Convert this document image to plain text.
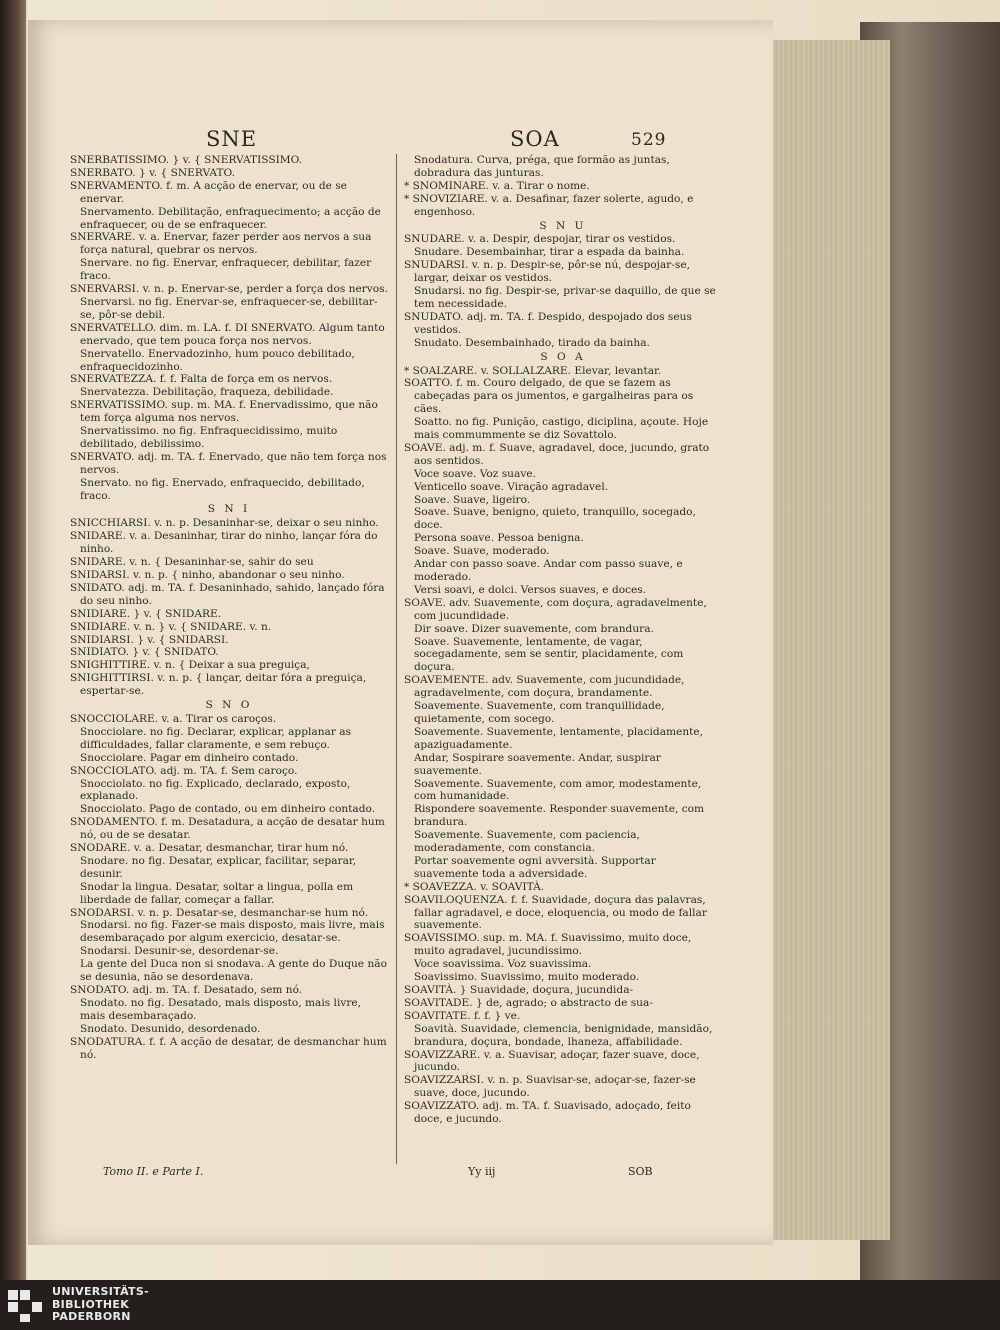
SNE	SOA	529

SNERBATISSIMO. } v. { SNERVATISSIMO.

SNERBATO. } v. { SNERVATO.

SNERVAMENTO. f. m. A acção de enervar, ou de se enervar.

Snervamento. Debilitação, enfraquecimento; a acção de enfraquecer, ou de se enfraquecer.

SNERVARE. v. a. Enervar, fazer perder aos nervos a sua força natural, quebrar os nervos.

Snervare. no fig. Enervar, enfraquecer, debilitar, fazer fraco.

SNERVARSI. v. n. p. Enervar-se, perder a força dos nervos.

Snervarsi. no fig. Enervar-se, enfraquecer-se, debilitar-se, pôr-se debil.

SNERVATELLO. dim. m. LA. f. DI SNERVATO. Algum tanto enervado, que tem pouca força nos nervos.

Snervatello. Enervadozinho, hum pouco debilitado, enfraquecidozinho.

SNERVATEZZA. f. f. Falta de força em os nervos.

Snervatezza. Debilitação, fraqueza, debilidade.

SNERVATISSIMO. sup. m. MA. f. Enervadissimo, que não tem força alguma nos nervos.

Snervatissimo. no fig. Enfraquecidissimo, muito debilitado, debilissimo.

SNERVATO. adj. m. TA. f. Enervado, que não tem força nos nervos.

Snervato. no fig. Enervado, enfraquecido, debilitado, fraco.

S N I

SNICCHIARSI. v. n. p. Desaninhar-se, deixar o seu ninho.

SNIDARE. v. a. Desaninhar, tirar do ninho, lançar fóra do ninho.

SNIDARE. v. n. { Desaninhar-se, sahir do seu

SNIDARSI. v. n. p. { ninho, abandonar o seu ninho.

SNIDATO. adj. m. TA. f. Desaninhado, sahido, lançado fóra do seu ninho.

SNIDIARE. } v. { SNIDARE.

SNIDIARE. v. n. } v. { SNIDARE. v. n.

SNIDIARSI. } v. { SNIDARSI.

SNIDIATO. } v. { SNIDATO.

SNIGHITTIRE. v. n. { Deixar a sua preguiça,

SNIGHITTIRSI. v. n. p. { lançar, deitar fóra a preguiça, espertar-se.

S N O

SNOCCIOLARE. v. a. Tirar os caroços.

Snocciolare. no fig. Declarar, explicar, applanar as difficuldades, fallar claramente, e sem rebuço.

Snocciolare. Pagar em dinheiro contado.

SNOCCIOLATO. adj. m. TA. f. Sem caroço.

Snocciolato. no fig. Explicado, declarado, exposto, explanado.

Snocciolato. Pago de contado, ou em dinheiro contado.

SNODAMENTO. f. m. Desatadura, a acção de desatar hum nó, ou de se desatar.

SNODARE. v. a. Desatar, desmanchar, tirar hum nó.

Snodare. no fig. Desatar, explicar, facilitar, separar, desunir.

Snodar la lingua. Desatar, soltar a lingua, polla em liberdade de fallar, começar a fallar.

SNODARSI. v. n. p. Desatar-se, desmanchar-se hum nó.

Snodarsi. no fig. Fazer-se mais disposto, mais livre, mais desembaraçado por algum exercicio, desatar-se.

Snodarsi. Desunir-se, desordenar-se.

La gente del Duca non si snodava. A gente do Duque não se desunia, não se desordenava.

SNODATO. adj. m. TA. f. Desatado, sem nó.

Snodato. no fig. Desatado, mais disposto, mais livre, mais desembaraçado.

Snodato. Desunido, desordenado.

SNODATURA. f. f. A acção de desatar, de desmanchar hum nó.

Snodatura. Curva, préga, que formão as juntas, dobradura das junturas.

* SNOMINARE. v. a. Tirar o nome.

* SNOVIZIARE. v. a. Desafinar, fazer solerte, agudo, e engenhoso.

S N U

SNUDARE. v. a. Despir, despojar, tirar os vestidos.

Snudare. Desembainhar, tirar a espada da bainha.

SNUDARSI. v. n. p. Despir-se, pôr-se nú, despojar-se, largar, deixar os vestidos.

Snudarsi. no fig. Despir-se, privar-se daquillo, de que se tem necessidade.

SNUDATO. adj. m. TA. f. Despido, despojado dos seus vestidos.

Snudato. Desembainhado, tirado da bainha.

S O A

* SOALZARE. v. SOLLALZARE. Elevar, levantar.

SOATTO. f. m. Couro delgado, de que se fazem as cabeçadas para os jumentos, e gargalheiras para os cães.

Soatto. no fig. Punição, castigo, diciplina, açoute. Hoje mais commummente se diz Sovattolo.

SOAVE. adj. m. f. Suave, agradavel, doce, jucundo, grato aos sentidos.

Voce soave. Voz suave.

Venticello soave. Viração agradavel.

Soave. Suave, ligeiro.

Soave. Suave, benigno, quieto, tranquillo, socegado, doce.

Persona soave. Pessoa benigna.

Soave. Suave, moderado.

Andar con passo soave. Andar com passo suave, e moderado.

Versi soavi, e dolci. Versos suaves, e doces.

SOAVE. adv. Suavemente, com doçura, agradavelmente, com jucundidade.

Dir soave. Dizer suavemente, com brandura.

Soave. Suavemente, lentamente, de vagar, socegadamente, sem se sentir, placidamente, com doçura.

SOAVEMENTE. adv. Suavemente, com jucundidade, agradavelmente, com doçura, brandamente.

Soavemente. Suavemente, com tranquillidade, quietamente, com socego.

Soavemente. Suavemente, lentamente, placidamente, apaziguadamente.

Andar, Sospirare soavemente. Andar, suspirar suavemente.

Soavemente. Suavemente, com amor, modestamente, com humanidade.

Rispondere soavemente. Responder suavemente, com brandura.

Soavemente. Suavemente, com paciencia, moderadamente, com constancia.

Portar soavemente ogni avversità. Supportar suavemente toda a adversidade.

* SOAVEZZA. v. SOAVITÀ.

SOAVILOQUENZA. f. f. Suavidade, doçura das palavras, fallar agradavel, e doce, eloquencia, ou modo de fallar suavemente.

SOAVISSIMO. sup. m. MA. f. Suavissimo, muito doce, muito agradavel, jucundissimo.

Voce soavissima. Voz suavissima.

Soavissimo. Suavissimo, muito moderado.

SOAVITÀ. } Suavidade, doçura, jucundida-

SOAVITADE. } de, agrado; o abstracto de sua-

SOAVITATE. f. f. } ve.

Soavità. Suavidade, clemencia, benignidade, mansidão, brandura, doçura, bondade, lhaneza, affabilidade.

SOAVIZZARE. v. a. Suavisar, adoçar, fazer suave, doce, jucundo.

SOAVIZZARSI. v. n. p. Suavisar-se, adoçar-se, fazer-se suave, doce, jucundo.

SOAVIZZATO. adj. m. TA. f. Suavisado, adoçado, feito doce, e jucundo.

Tomo II. e Parte I.	Yy iij	SOB
UNIVERSITÄTS-
BIBLIOTHEK
PADERBORN
